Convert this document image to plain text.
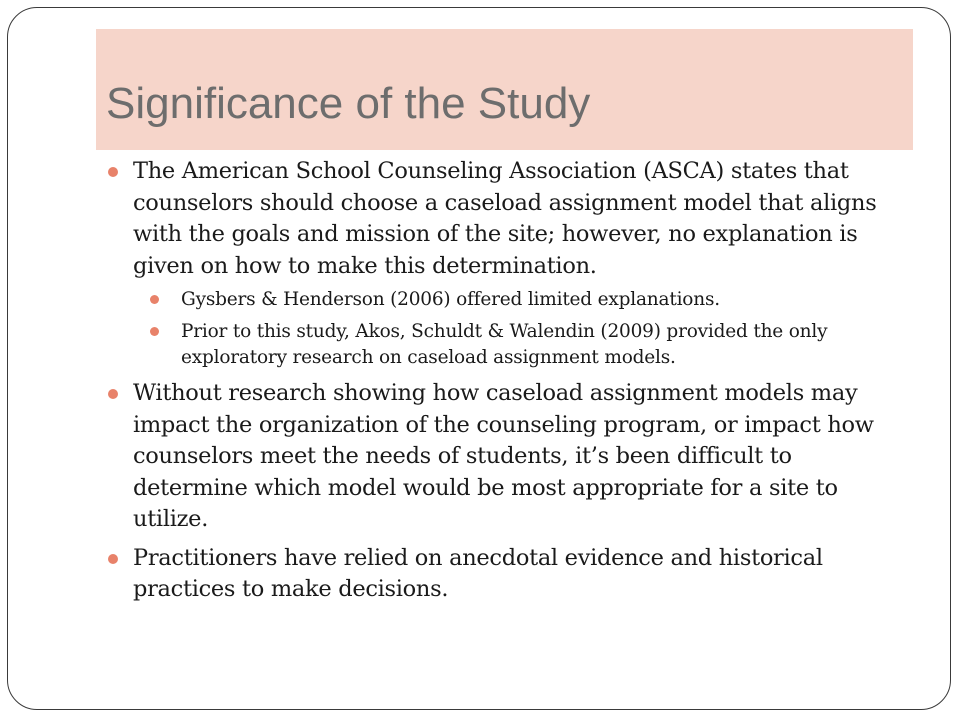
Significance of the Study
The American School Counseling Association (ASCA) states that counselors should choose a caseload assignment model that aligns with the goals and mission of the site; however, no explanation is given on how to make this determination.
Gysbers & Henderson (2006) offered limited explanations.
Prior to this study, Akos, Schuldt & Walendin (2009) provided the only exploratory research on caseload assignment models.
Without research showing how caseload assignment models may impact the organization of the counseling program, or impact how counselors meet the needs of students, it’s been difficult to determine which model would be most appropriate for a site to utilize.
Practitioners have relied on anecdotal evidence and historical practices to make decisions.
